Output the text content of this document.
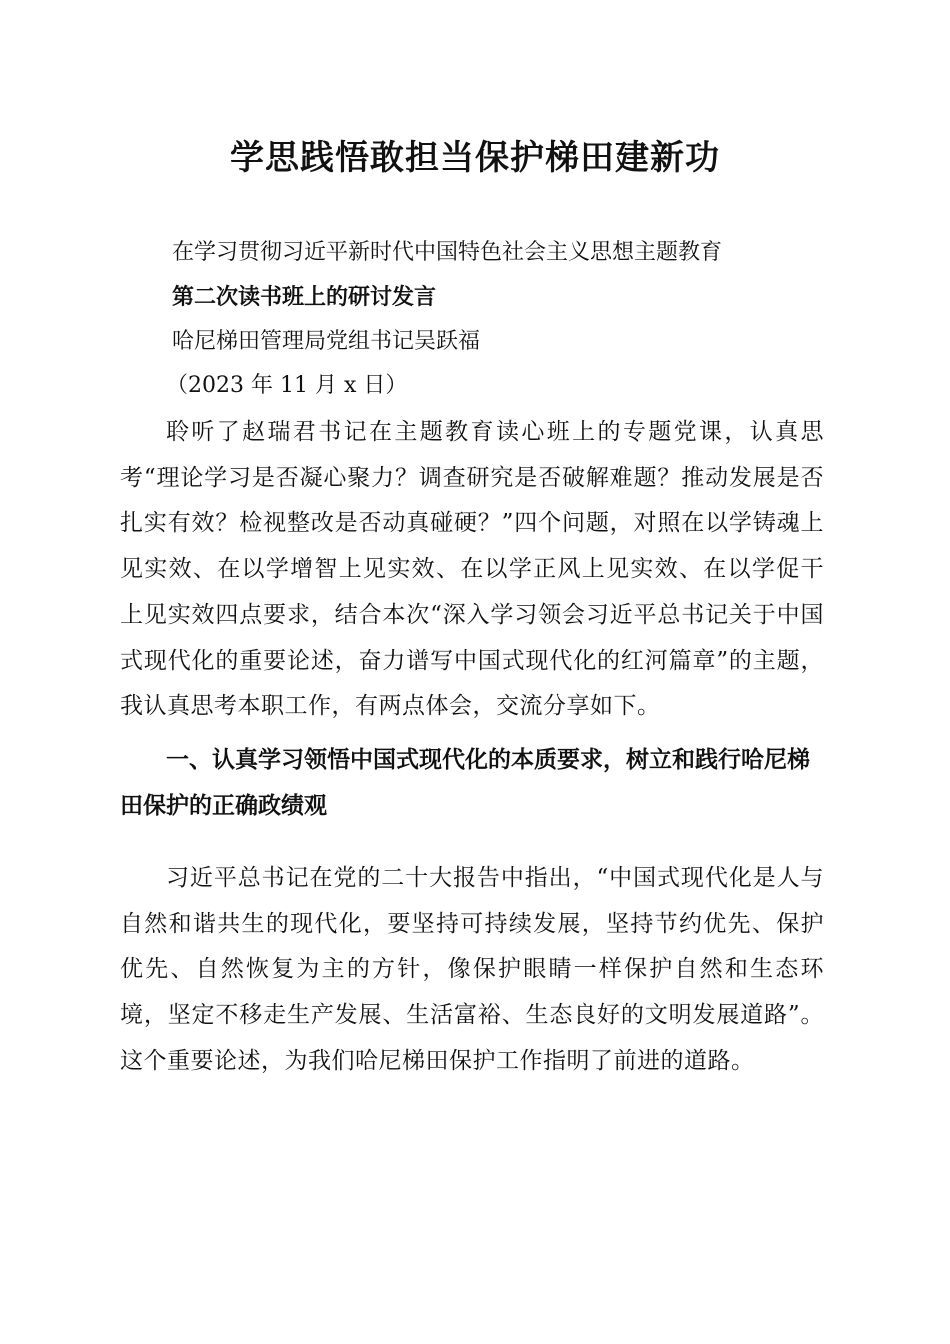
学思践悟敢担当保护梯田建新功

在学习贯彻习近平新时代中国特色社会主义思想主题教育

第二次读书班上的研讨发言

哈尼梯田管理局党组书记吴跃福

（2023 年 11 月 x 日）

聆听了赵瑞君书记在主题教育读心班上的专题党课，认真思考“理论学习是否凝心聚力？调查研究是否破解难题？推动发展是否扎实有效？检视整改是否动真碰硬？”四个问题，对照在以学铸魂上见实效、在以学增智上见实效、在以学正风上见实效、在以学促干上见实效四点要求，结合本次“深入学习领会习近平总书记关于中国式现代化的重要论述，奋力谱写中国式现代化的红河篇章”的主题，我认真思考本职工作，有两点体会，交流分享如下。

一、认真学习领悟中国式现代化的本质要求，树立和践行哈尼梯田保护的正确政绩观

习近平总书记在党的二十大报告中指出，“中国式现代化是人与自然和谐共生的现代化，要坚持可持续发展，坚持节约优先、保护优先、自然恢复为主的方针，像保护眼睛一样保护自然和生态环境，坚定不移走生产发展、生活富裕、生态良好的文明发展道路”。这个重要论述，为我们哈尼梯田保护工作指明了前进的道路。
